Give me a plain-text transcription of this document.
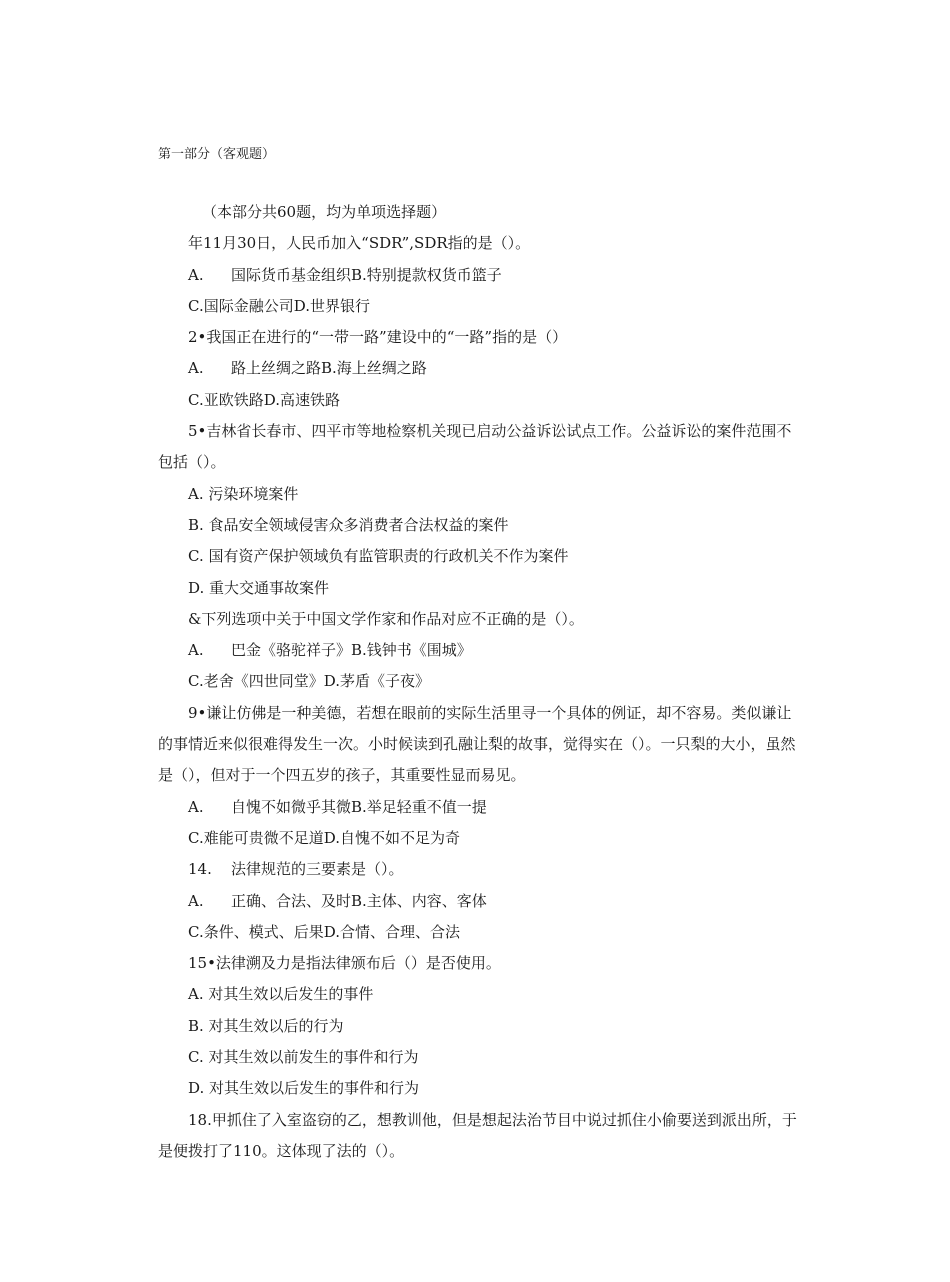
第一部分（客观题）
（本部分共60题，均为单项选择题）
年11月30日，人民币加入“SDR”,SDR指的是（）。
A. 国际货币基金组织B.特别提款权货币篮子
C.国际金融公司D.世界银行
2•我国正在进行的“一带一路”建设中的“一路”指的是（）
A. 路上丝绸之路B.海上丝绸之路
C.亚欧铁路D.高速铁路
5•吉林省长春市、四平市等地检察机关现已启动公益诉讼试点工作。公益诉讼的案件范围不包括（）。
A. 污染环境案件
B. 食品安全领域侵害众多消费者合法权益的案件
C. 国有资产保护领域负有监管职责的行政机关不作为案件
D. 重大交通事故案件
&下列选项中关于中国文学作家和作品对应不正确的是（）。
A. 巴金《骆驼祥子》B.钱钟书《围城》
C.老舍《四世同堂》D.茅盾《子夜》
9•谦让仿佛是一种美德，若想在眼前的实际生活里寻一个具体的例证，却不容易。类似谦让的事情近来似很难得发生一次。小时候读到孔融让梨的故事，觉得实在（）。一只梨的大小，虽然是（），但对于一个四五岁的孩子，其重要性显而易见。
A. 自愧不如微乎其微B.举足轻重不值一提
C.难能可贵微不足道D.自愧不如不足为奇
14. 法律规范的三要素是（）。
A. 正确、合法、及时B.主体、内容、客体
C.条件、模式、后果D.合情、合理、合法
15•法律溯及力是指法律颁布后（）是否使用。
A. 对其生效以后发生的事件
B. 对其生效以后的行为
C. 对其生效以前发生的事件和行为
D. 对其生效以后发生的事件和行为
18.甲抓住了入室盗窃的乙，想教训他，但是想起法治节目中说过抓住小偷要送到派出所，于是便拨打了110。这体现了法的（）。
